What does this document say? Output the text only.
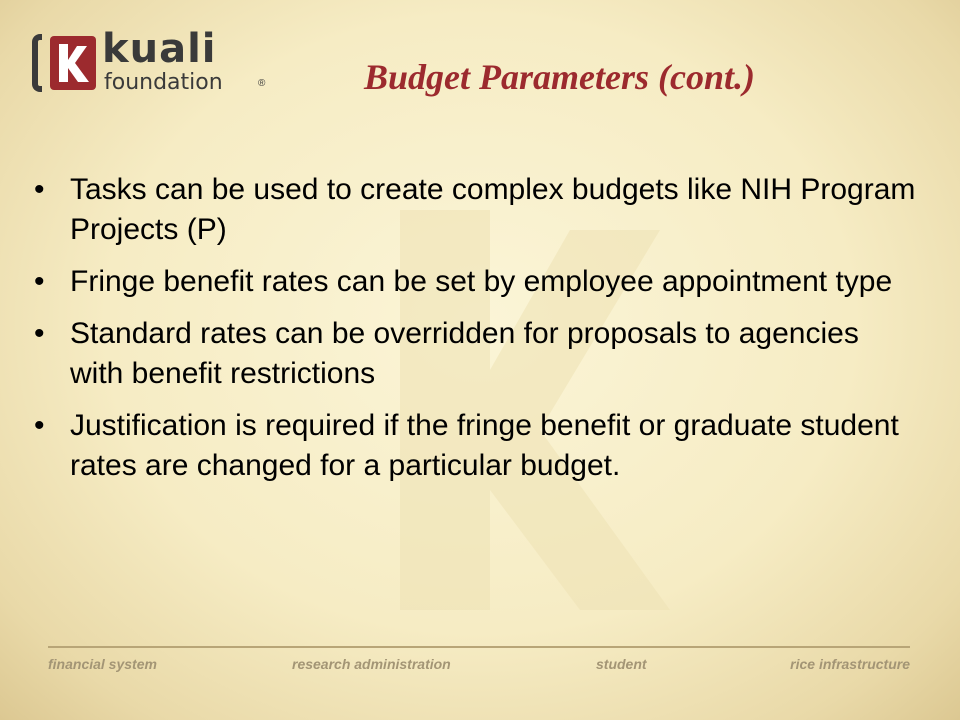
kuali
foundation	®	Budget Parameters (cont.)
• Tasks can be used to create complex budgets like NIH Program Projects (P)
• Fringe benefit rates can be set by employee appointment type
• Standard rates can be overridden for proposals to agencies with benefit restrictions
• Justification is required if the fringe benefit or graduate student rates are changed for a particular budget.
financial system	research administration	student	rice infrastructure
